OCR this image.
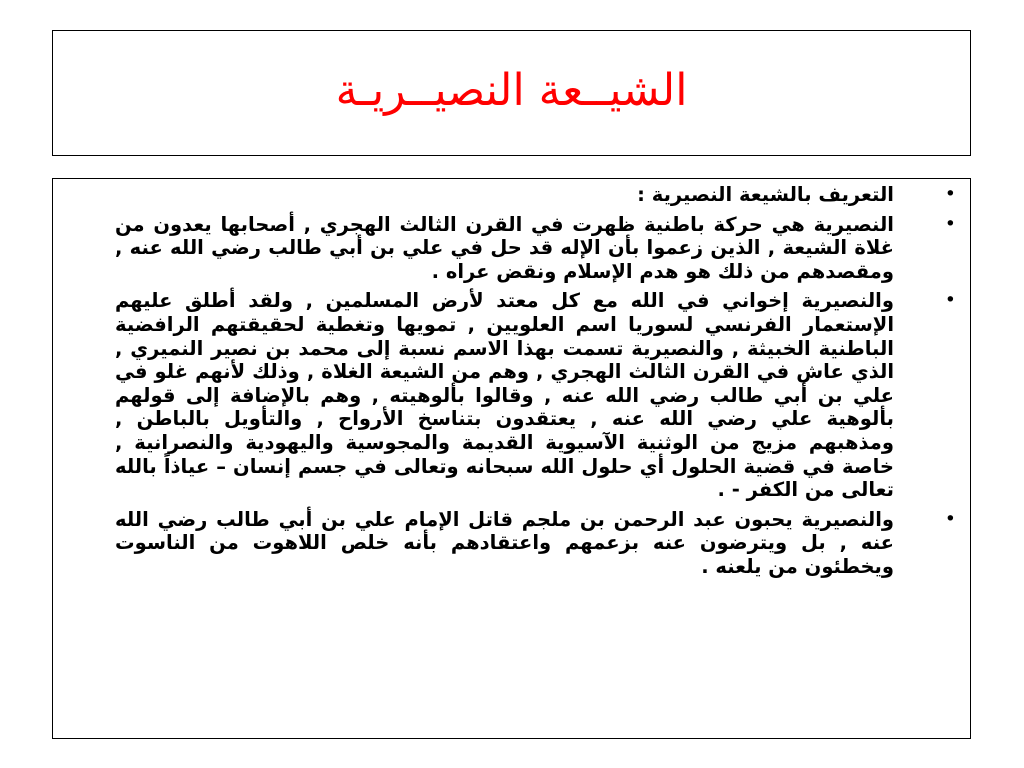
الشيــعة النصيــريـة
•
التعريف بالشيعة النصيرية :
•
النصيرية هي حركة باطنية ظهرت في القرن الثالث الهجري , أصحابها يعدون من غلاة الشيعة , الذين زعموا بأن الإله قد حل في علي بن أبي طالب رضي الله عنه , ومقصدهم من ذلك هو هدم الإسلام ونقض عراه .
•
والنصيرية إخواني في الله مع كل معتد لأرض المسلمين , ولقد أطلق عليهم الإستعمار الفرنسي لسوريا اسم العلويين , تمويها وتغطية لحقيقتهم الرافضية الباطنية الخبيثة , والنصيرية تسمت بهذا الاسم نسبة إلى محمد بن نصير النميري , الذي عاش في القرن الثالث الهجري , وهم من الشيعة الغلاة , وذلك لأنهم غلو في علي بن أبي طالب رضي الله عنه , وقالوا بألوهيته , وهم بالإضافة إلى قولهم بألوهية علي رضي الله عنه , يعتقدون بتناسخ الأرواح , والتأويل بالباطن , ومذهبهم مزيج من الوثنية الآسيوية القديمة والمجوسية واليهودية والنصرانية , خاصة في قضية الحلول أي حلول الله سبحانه وتعالى في جسم إنسان – عياذاً بالله تعالى من الكفر - .
•
والنصيرية يحبون عبد الرحمن بن ملجم قاتل الإمام علي بن أبي طالب رضي الله عنه , بل ويترضون عنه بزعمهم واعتقادهم بأنه خلص اللاهوت من الناسوت ويخطئون من يلعنه .
